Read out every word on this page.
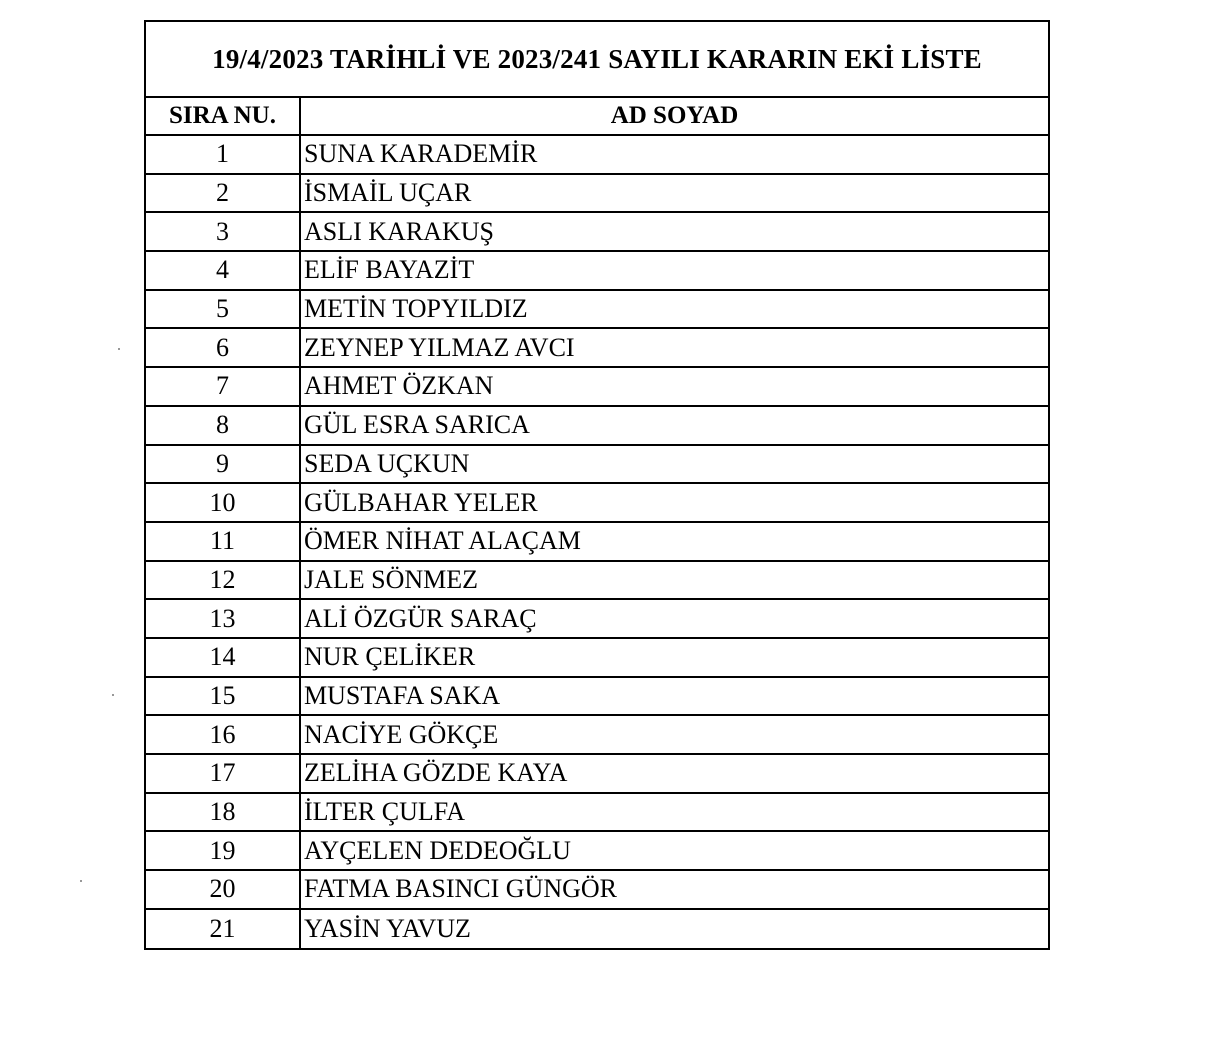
19/4/2023 TARİHLİ VE 2023/241 SAYILI KARARIN EKİ LİSTE
SIRA NU.	AD SOYAD
1	SUNA KARADEMİR
2	İSMAİL UÇAR
3	ASLI KARAKUŞ
4	ELİF BAYAZİT
5	METİN TOPYILDIZ
6	ZEYNEP YILMAZ AVCI
7	AHMET ÖZKAN
8	GÜL ESRA SARICA
9	SEDA UÇKUN
10	GÜLBAHAR YELER
11	ÖMER NİHAT ALAÇAM
12	JALE SÖNMEZ
13	ALİ ÖZGÜR SARAÇ
14	NUR ÇELİKER
15	MUSTAFA SAKA
16	NACİYE GÖKÇE
17	ZELİHA GÖZDE KAYA
18	İLTER ÇULFA
19	AYÇELEN DEDEOĞLU
20	FATMA BASINCI GÜNGÖR
21	YASİN YAVUZ
